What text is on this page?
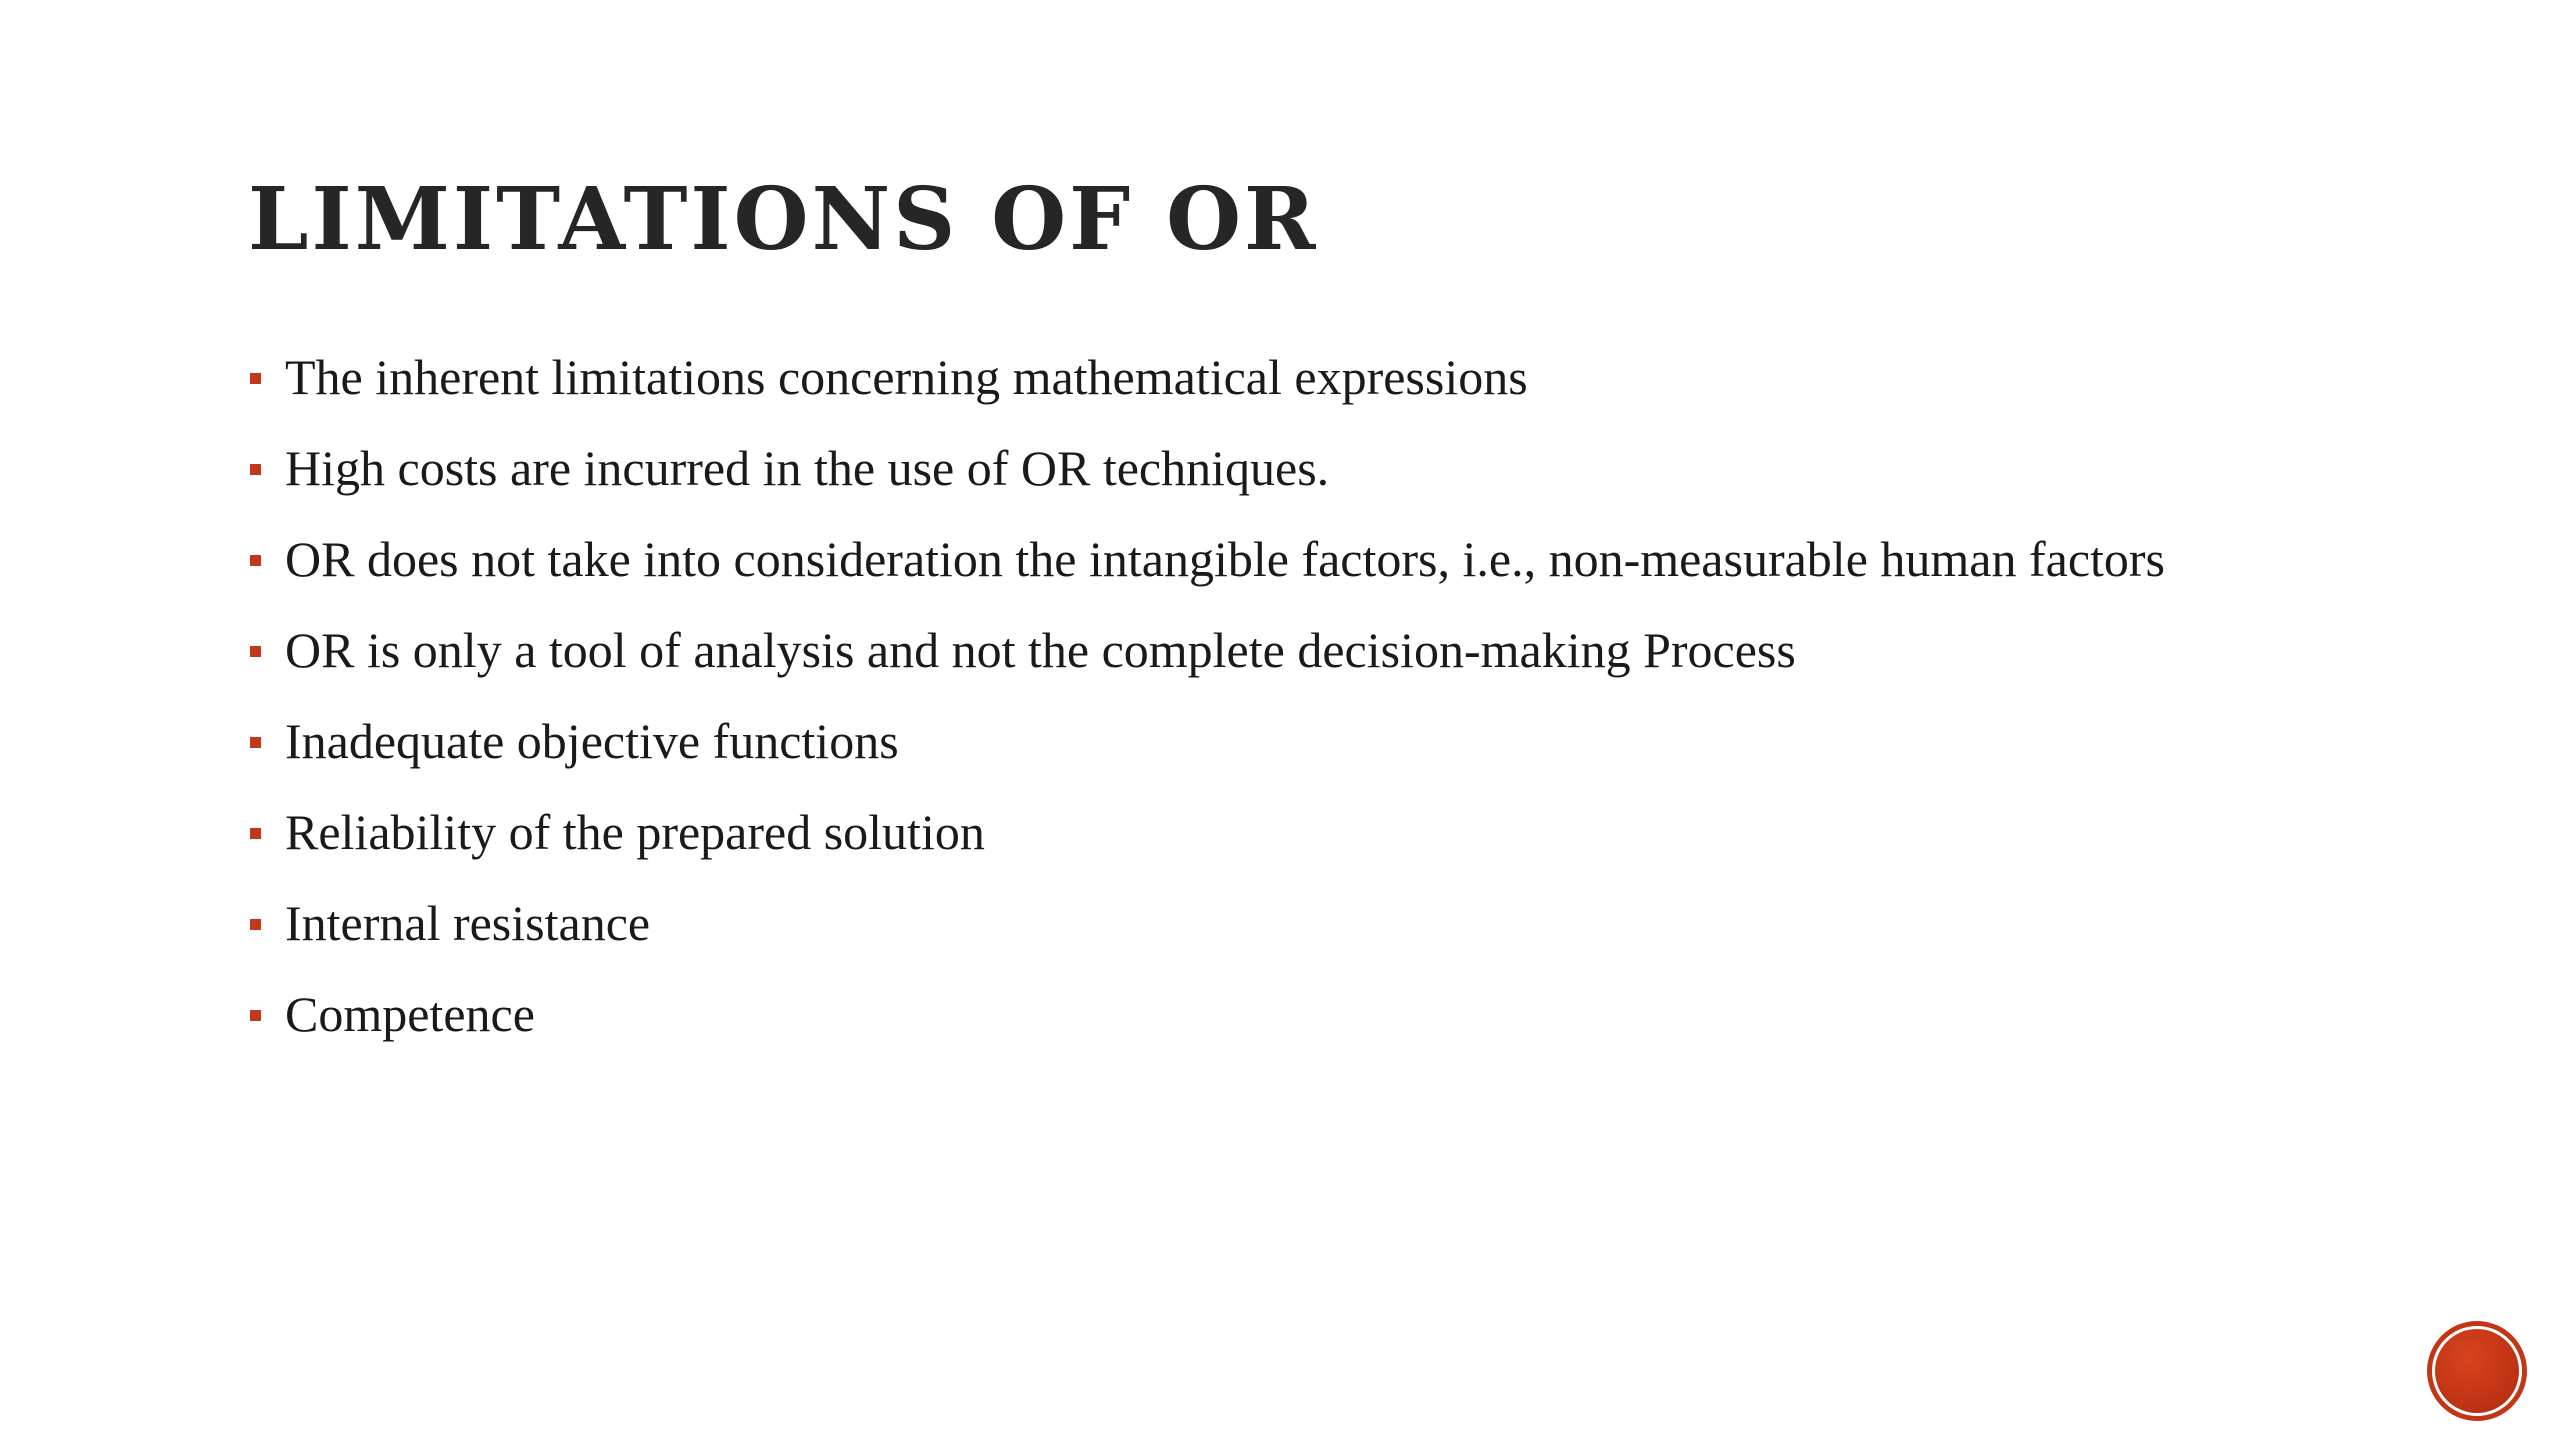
LIMITATIONS OF OR
The inherent limitations concerning mathematical expressions
High costs are incurred in the use of OR techniques.
OR does not take into consideration the intangible factors, i.e., non-measurable human factors
OR is only a tool of analysis and not the complete decision-making Process
Inadequate objective functions
Reliability of the prepared solution
Internal resistance
Competence
